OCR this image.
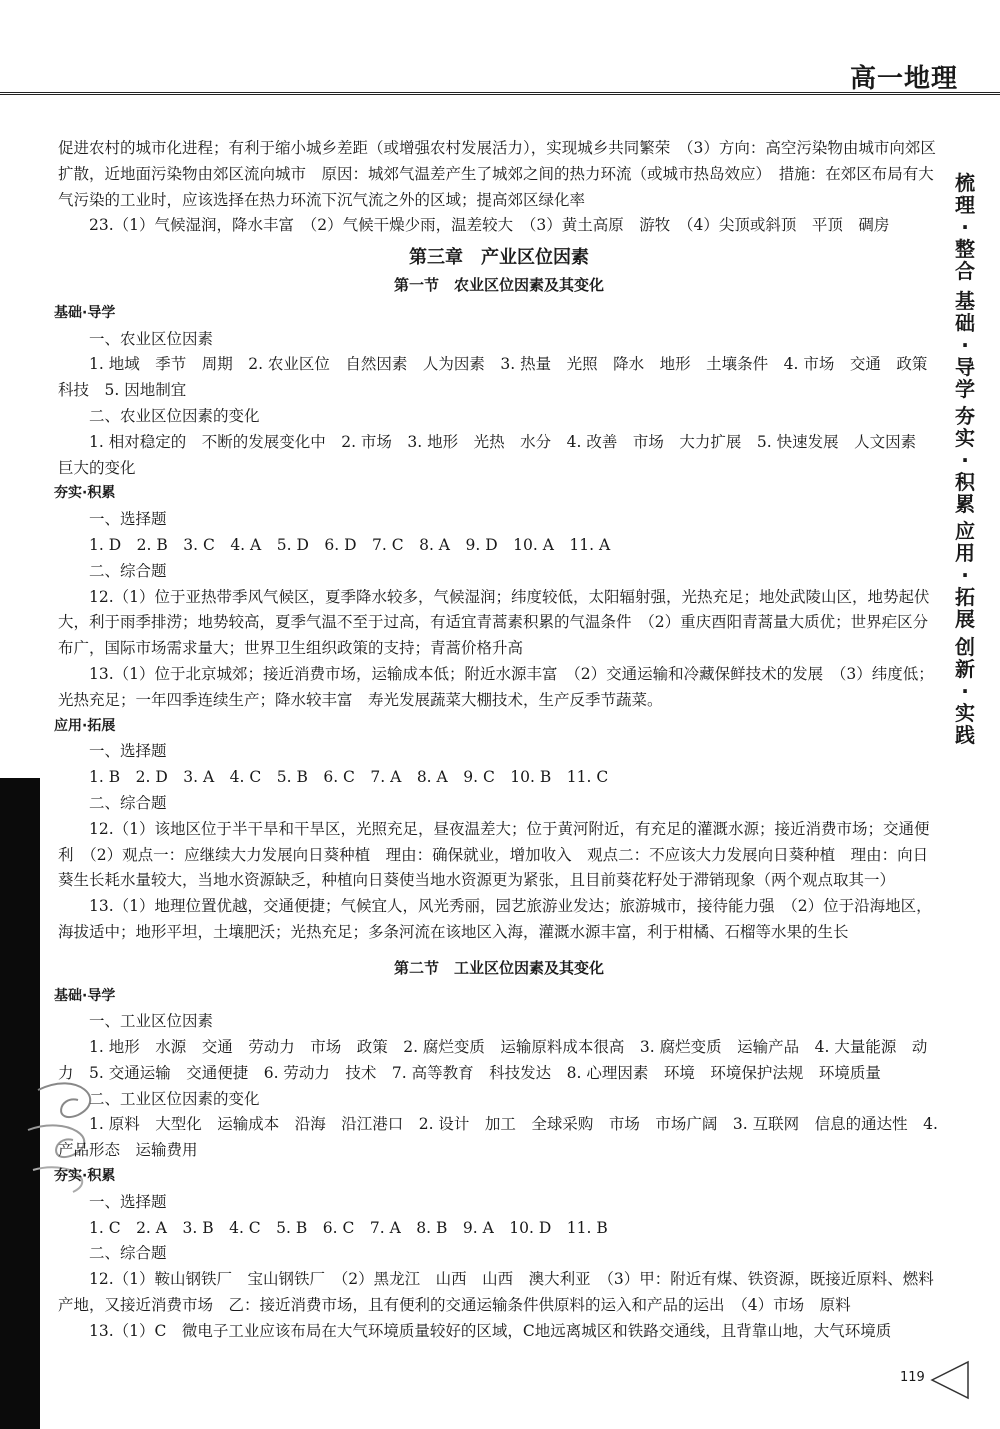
高一地理
梳理·整合
基础·导学
夯实·积累
应用·拓展
创新·实践

促进农村的城市化进程；有利于缩小城乡差距（或增强农村发展活力），实现城乡共同繁荣　（3）方向：高空污染物由城市向郊区扩散，近地面污染物由郊区流向城市　原因：城郊气温差产生了城郊之间的热力环流（或城市热岛效应）　措施：在郊区布局有大气污染的工业时，应该选择在热力环流下沉气流之外的区域；提高郊区绿化率

23.（1）气候湿润，降水丰富　（2）气候干燥少雨，温差较大　（3）黄土高原　游牧　（4）尖顶或斜顶　平顶　碉房

第三章　产业区位因素
第一节　农业区位因素及其变化
基础·导学

一、农业区位因素

1. 地域　季节　周期　2. 农业区位　自然因素　人为因素　3. 热量　光照　降水　地形　土壤条件　4. 市场　交通　政策　科技　5. 因地制宜

二、农业区位因素的变化

1. 相对稳定的　不断的发展变化中　2. 市场　3. 地形　光热　水分　4. 改善　市场　大力扩展　5. 快速发展　人文因素　巨大的变化

夯实·积累

一、选择题

1. D　2. B　3. C　4. A　5. D　6. D　7. C　8. A　9. D　10. A　11. A

二、综合题

12.（1）位于亚热带季风气候区，夏季降水较多，气候湿润；纬度较低，太阳辐射强，光热充足；地处武陵山区，地势起伏大，利于雨季排涝；地势较高，夏季气温不至于过高，有适宜青蒿素积累的气温条件　（2）重庆酉阳青蒿量大质优；世界疟区分布广，国际市场需求量大；世界卫生组织政策的支持；青蒿价格升高

13.（1）位于北京城郊；接近消费市场，运输成本低；附近水源丰富　（2）交通运输和冷藏保鲜技术的发展　（3）纬度低；光热充足；一年四季连续生产；降水较丰富　寿光发展蔬菜大棚技术，生产反季节蔬菜。

应用·拓展

一、选择题

1. B　2. D　3. A　4. C　5. B　6. C　7. A　8. A　9. C　10. B　11. C

二、综合题

12.（1）该地区位于半干旱和干旱区，光照充足，昼夜温差大；位于黄河附近，有充足的灌溉水源；接近消费市场；交通便利　（2）观点一：应继续大力发展向日葵种植　理由：确保就业，增加收入　观点二：不应该大力发展向日葵种植　理由：向日葵生长耗水量较大，当地水资源缺乏，种植向日葵使当地水资源更为紧张，且目前葵花籽处于滞销现象（两个观点取其一）

13.（1）地理位置优越，交通便捷；气候宜人，风光秀丽，园艺旅游业发达；旅游城市，接待能力强　（2）位于沿海地区，海拔适中；地形平坦，土壤肥沃；光热充足；多条河流在该地区入海，灌溉水源丰富，利于柑橘、石榴等水果的生长

第二节　工业区位因素及其变化
基础·导学

一、工业区位因素

1. 地形　水源　交通　劳动力　市场　政策　2. 腐烂变质　运输原料成本很高　3. 腐烂变质　运输产品　4. 大量能源　动力　5. 交通运输　交通便捷　6. 劳动力　技术　7. 高等教育　科技发达　8. 心理因素　环境　环境保护法规　环境质量

二、工业区位因素的变化

1. 原料　大型化　运输成本　沿海　沿江港口　2. 设计　加工　全球采购　市场　市场广阔　3. 互联网　信息的通达性　4. 产品形态　运输费用

夯实·积累

一、选择题

1. C　2. A　3. B　4. C　5. B　6. C　7. A　8. B　9. A　10. D　11. B

二、综合题

12.（1）鞍山钢铁厂　宝山钢铁厂　（2）黑龙江　山西　山西　澳大利亚　（3）甲：附近有煤、铁资源，既接近原料、燃料产地，又接近消费市场　乙：接近消费市场，且有便利的交通运输条件供原料的运入和产品的运出　（4）市场　原料

13.（1）C　微电子工业应该布局在大气环境质量较好的区域，C地远离城区和铁路交通线，且背靠山地，大气环境质

119
